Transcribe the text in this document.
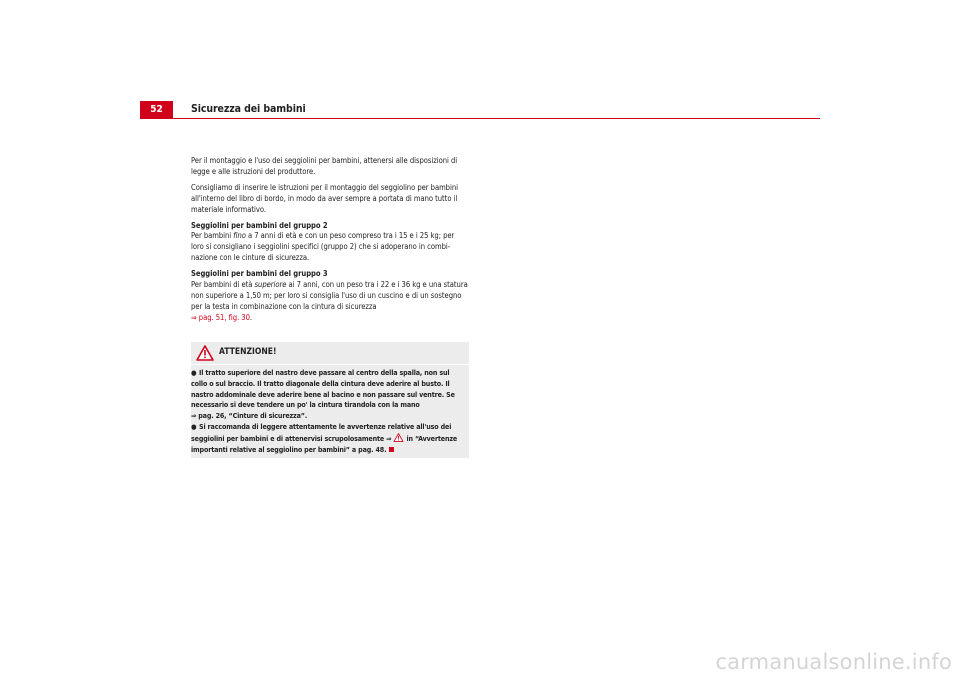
52	Sicurezza dei bambini

Per il montaggio e l'uso dei seggiolini per bambini, attenersi alle disposizioni di legge e alle istruzioni del produttore.

Consigliamo di inserire le istruzioni per il montaggio del seggiolino per bambini all'interno del libro di bordo, in modo da aver sempre a portata di mano tutto il materiale informativo.

Seggiolini per bambini del gruppo 2

Per bambini fino a 7 anni di età e con un peso compreso tra i 15 e i 25 kg; per loro si consigliano i seggiolini specifici (gruppo 2) che si adoperano in combi-nazione con le cinture di sicurezza.

Seggiolini per bambini del gruppo 3

Per bambini di età superiore ai 7 anni, con un peso tra i 22 e i 36 kg e una statura non superiore a 1,50 m; per loro si consiglia l'uso di un cuscino e di un sostegno per la testa in combinazione con la cintura di sicurezza
⇒ pag. 51, fig. 30.

ATTENZIONE!
● Il tratto superiore del nastro deve passare al centro della spalla, non sul collo o sul braccio. Il tratto diagonale della cintura deve aderire al busto. Il nastro addominale deve aderire bene al bacino e non passare sul ventre. Se necessario si deve tendere un po' la cintura tirandola con la mano
⇒ pag. 26, “Cinture di sicurezza”.
● Si raccomanda di leggere attentamente le avvertenze relative all'uso dei seggiolini per bambini e di attenervisi scrupolosamente ⇒ in “Avvertenze importanti relative al seggiolino per bambini” a pag. 48.
carmanualsonline.info
